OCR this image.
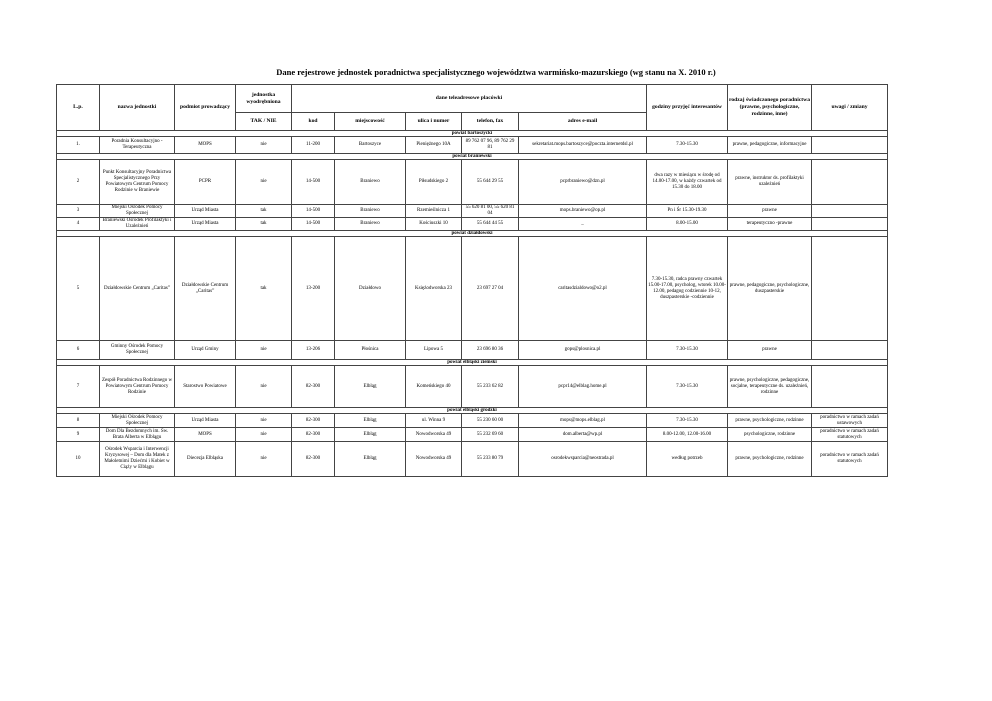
Dane rejestrowe jednostek poradnictwa specjalistycznego województwa warmińsko-mazurskiego (wg stanu na X. 2010 r.)
L.p.	nazwa jednostki	podmiot prowadzący	jednostka wyodrębniona	dane teleadresowe placówki					godziny przyjęć interesantów	rodzaj świadczonego poradnictwa (prawne, psychologiczne, rodzinne, inne)	uwagi / zmiany
			TAK / NIE	kod	miejscowość	ulica i numer	telefon, fax	adres e-mail			
powiat bartoszycki											
1.	Poradnia Konsultacyjno - Terapeutyczna	MOPS	nie	11-200	Bartoszyce	Pieniężnego 10A	89 762 07 96, 89 762 29 81	sekretariat.mops.bartoszyce@poczta.internetdsl.pl	7.30-15.30	prawne, pedagogiczne, informacyjne	
powiat braniewski											
2	Punkt Konsultacyjny Poradnictwa Specjalistycznego Przy Powiatowym Centrum Pomocy Rodzinie w Braniewie	PCPR	nie	14-500	Braniewo	Piłsudskiego 2	55 644 29 55	pcprbraniewo@dzn.pl	dwa razy w miesiącu w środę od 14.00-17.00, w każdy czwartek od 15.30 do 18.00	prawne, instruktor ds. profilaktyki uzależnień	
3	Miejski Ośrodek Pomocy Społecznej	Urząd Miasta	tak	14-500	Braniewo	Rzemieślnicza 1	55 620 81 00, 55 620 81 04	mops.braniewo@op.pl	Pn i Śr 15.30-19.30	prawne	
4	Braniewski Ośrodek Profilaktyki i Uzależnień	Urząd Miasta	tak	14-500	Braniewo	Kościuszki 10	55 644 44 55	_	8.00-15.00	terapeutyczno -prawne	
powiat działdowski											
5	Działdowskie Centrum „Caritas”	Działdowskie Centrum „Caritas”	tak	13-200	Działdowo	Księżodworska 23	23 697 27 04	caritasdzialdowo@o2.pl	7.30-15.30, radca prawny czwartek 15.00-17.00, psycholog, wtorek 10.00-12.00, pedagog codziennie 10-12, duszpasterskie -codziennie	prawne, pedagogiczne, psychologiczne, duszpasterskie	
6	Gminny Ośrodek Pomocy Społecznej	Urząd Gminy	nie	13-206	Płośnica	Lipowa 5	23 696 80 36	gops@plosnica.pl	7.30-15.30	prawne	
powiat elbląski ziemski											
7	Zespół Poradnictwa Rodzinnego w Powiatowym Centrum Pomocy Rodzinie	Starostwo Powiatowe	nie	82-300	Elbląg	Komeńskiego 40	55 233 62 82	pcpr14@elblag.home.pl	7.30-15.30	prawne, psychologiczne, pedagogiczne, socjalne, terapeutyczne ds. uzależnień, rodzinne	
powiat elbląski grodzki											
8	Miejski Ośrodek Pomocy Społecznej	Urząd Miasta	nie	82-300	Elbląg	ul. Winna 9	55 230 60 00	mops@mops.elblag.pl	7.30-15.30	prawne, psychologiczne, rodzinne	poradnictwo w ramach zadań ustawowych
9	Dom Dla Bezdomnych im. Św. Brata Alberta w Elblągu	MOPS	nie	82-300	Elbląg	Nowodworska 49	55 232 69 60	dom.alberta@wp.pl	8.00-12.00, 12.00-16.00	psychologiczne, rodzinne	poradnictwo w ramach zadań statutowych
10	Ośrodek Wsparcia i Interwencji Kryzysowej – Dom dla Matek z Małoletnimi Dziećmi i Kobiet w Ciąży w Elblągu	Diecezja Elbląska	nie	82-300	Elbląg	Nowodworska 49	55 233 80 79	osrodekwsparcia@neostrada.pl	według potrzeb	prawne, psychologiczne, rodzinne	poradnictwo w ramach zadań statutowych
